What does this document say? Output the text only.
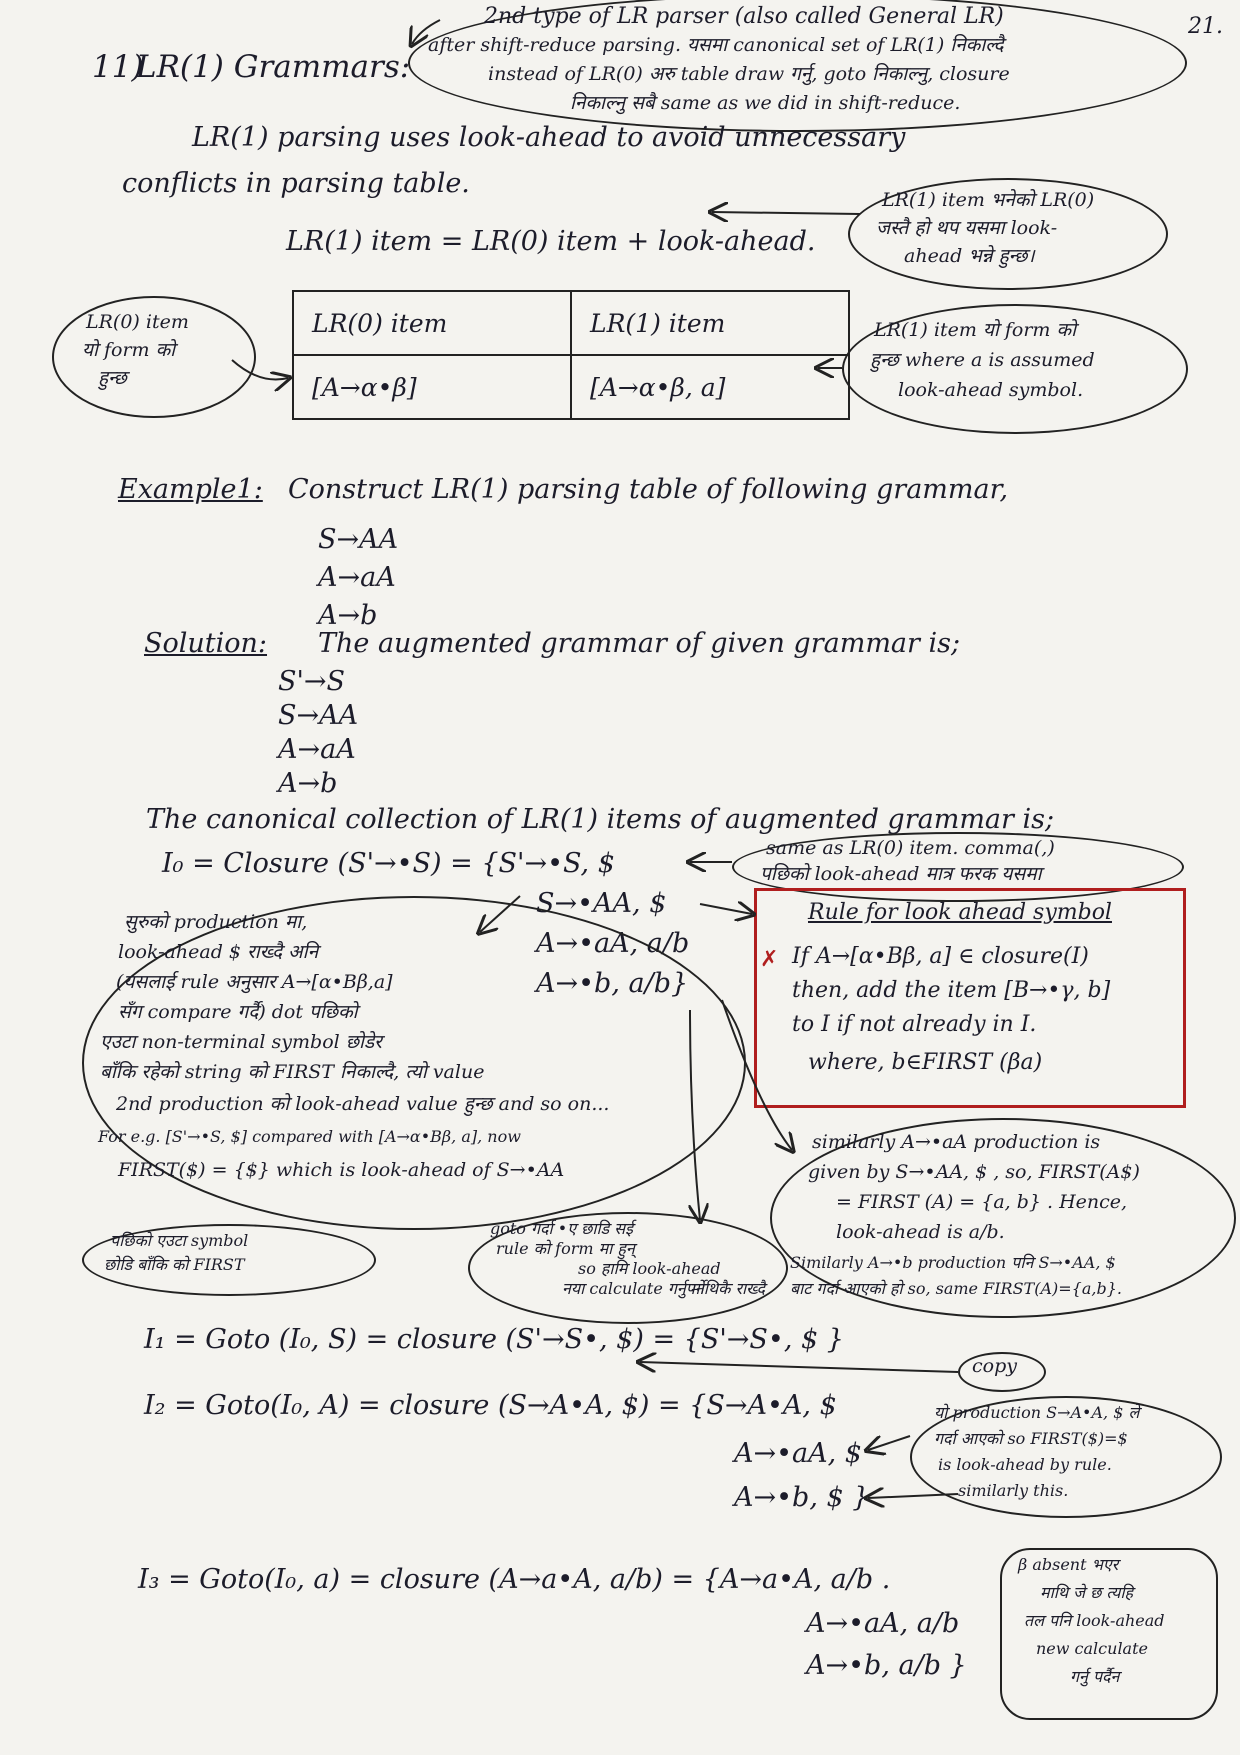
21.
11)
LR(1) Grammars:
2nd type of LR parser (also called General LR)
after shift-reduce parsing. यसमा canonical set of LR(1) निकाल्दै
instead of LR(0) अरु table draw गर्नु, goto निकाल्नु, closure
निकाल्नु सबै same as we did in shift-reduce.
LR(1) parsing uses look-ahead to avoid unnecessary
conflicts in parsing table.
LR(1) item = LR(0) item + look-ahead.
LR(1) item भनेको LR(0)
जस्तै हो थप यसमा look-
ahead भन्ने हुन्छ।
LR(0) item	LR(1) item
[A→α•β]	[A→α•β, a]
LR(0) item
यो form को
हुन्छ
LR(1) item यो form को
हुन्छ where a is assumed
look-ahead symbol.
Example1: Construct LR(1) parsing table of following grammar,
S→AA
A→aA
A→b
Solution: The augmented grammar of given grammar is;
S'→S
S→AA
A→aA
A→b
The canonical collection of LR(1) items of augmented grammar is;
I₀ = Closure (S'→•S) = {S'→•S, $
S→•AA, $
A→•aA, a/b
A→•b, a/b}
same as LR(0) item. comma(,)
पछिको look-ahead मात्र फरक यसमा
Rule for look ahead symbol
If A→[α•Bβ, a] ∈ closure(I)
then, add the item [B→•γ, b]
to I if not already in I.
where, b∈FIRST (βa)
सुरुको production मा,
look-ahead $ राख्दै अनि
(यसलाई rule अनुसार A→[α•Bβ,a]
सँग compare गर्दै) dot पछिको
एउटा non-terminal symbol छोडेर
बाँकि रहेको string को FIRST निकाल्दै, त्यो value
2nd production को look-ahead value हुन्छ and so on...
For e.g. [S'→•S, $] compared with [A→α•Bβ, a], now
FIRST($) = {$} which is look-ahead of S→•AA
पछिको एउटा symbol
छोडि बाँकि को FIRST
goto गर्दा •ए छाडि सई
rule को form मा हुन्
so हामि look-ahead
नया calculate गर्नुपर्ने
माथिकै राख्दै
similarly A→•aA production is
given by S→•AA, $ , so, FIRST(A$)
= FIRST (A) = {a, b} . Hence,
look-ahead is a/b.
Similarly A→•b production पनि S→•AA, $
बाट गर्दा आएको हो so, same FIRST(A)={a,b}.
I₁ = Goto (I₀, S) = closure (S'→S•, $) = {S'→S•, $ }
copy
I₂ = Goto(I₀, A) = closure (S→A•A, $) = {S→A•A, $
A→•aA, $
A→•b, $ }
यो production S→A•A, $ ले
गर्दा आएको so FIRST($)=$
is look-ahead by rule.
similarly this.
I₃ = Goto(I₀, a) = closure (A→a•A, a/b) = {A→a•A, a/b .
A→•aA, a/b
A→•b, a/b }
β absent भएर
माथि जे छ त्यहि
तल पनि look-ahead
new calculate
गर्नु पर्दैन
✗
